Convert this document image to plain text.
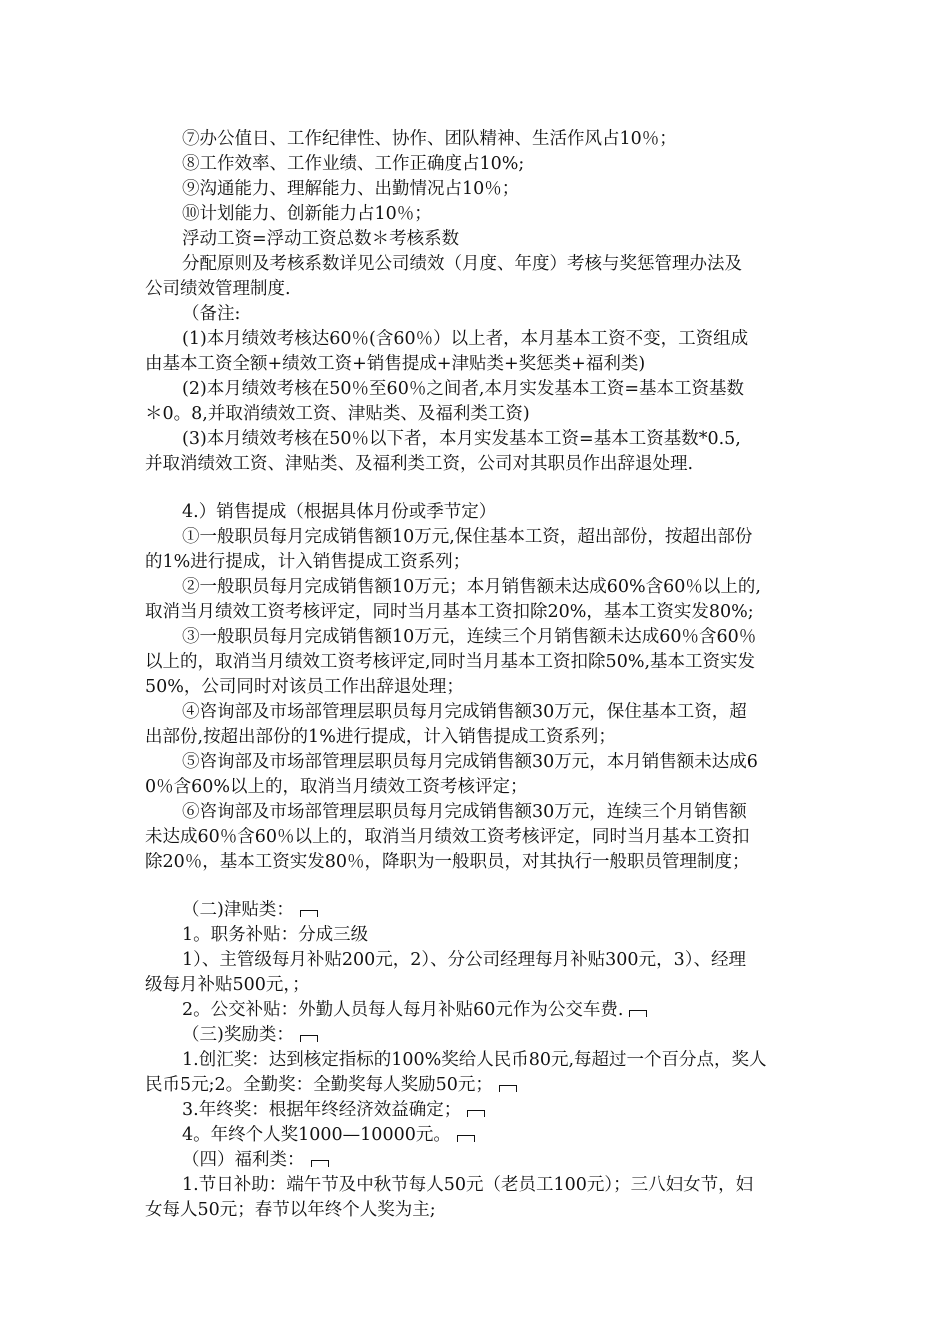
⑦办公值日、工作纪律性、协作、团队精神、生活作风占10％；
⑧工作效率、工作业绩、工作正确度占10%;
⑨沟通能力、理解能力、出勤情况占10％；
⑩计划能力、创新能力占10％；
浮动工资=浮动工资总数＊考核系数
分配原则及考核系数详见公司绩效（月度、年度）考核与奖惩管理办法及
公司绩效管理制度.
（备注:
(1)本月绩效考核达60％(含60％）以上者，本月基本工资不变，工资组成
由基本工资全额+绩效工资+销售提成+津贴类+奖惩类+福利类)
(2)本月绩效考核在50％至60％之间者,本月实发基本工资=基本工资基数
＊0。8,并取消绩效工资、津贴类、及福利类工资)
(3)本月绩效考核在50％以下者，本月实发基本工资=基本工资基数*0.5,
并取消绩效工资、津贴类、及福利类工资，公司对其职员作出辞退处理.
4.）销售提成（根据具体月份或季节定）
①一般职员每月完成销售额10万元,保住基本工资，超出部份，按超出部份
的1%进行提成，计入销售提成工资系列；
②一般职员每月完成销售额10万元；本月销售额未达成60%含60％以上的,
取消当月绩效工资考核评定，同时当月基本工资扣除20%，基本工资实发80%;
③一般职员每月完成销售额10万元，连续三个月销售额未达成60％含60％
以上的，取消当月绩效工资考核评定,同时当月基本工资扣除50%,基本工资实发
50%，公司同时对该员工作出辞退处理；
④咨询部及市场部管理层职员每月完成销售额30万元，保住基本工资，超
出部份,按超出部份的1%进行提成，计入销售提成工资系列；
⑤咨询部及市场部管理层职员每月完成销售额30万元，本月销售额未达成6
0％含60%以上的，取消当月绩效工资考核评定；
⑥咨询部及市场部管理层职员每月完成销售额30万元，连续三个月销售额
未达成60％含60％以上的，取消当月绩效工资考核评定，同时当月基本工资扣
除20％，基本工资实发80％，降职为一般职员，对其执行一般职员管理制度；
（二)津贴类：
1。职务补贴：分成三级
1）、主管级每月补贴200元，2）、分公司经理每月补贴300元，3）、经理
级每月补贴500元，；
2。公交补贴：外勤人员每人每月补贴60元作为公交车费.
（三)奖励类：
1.创汇奖：达到核定指标的100%奖给人民币80元,每超过一个百分点，奖人
民币5元;2。全勤奖：全勤奖每人奖励50元；
3.年终奖：根据年终经济效益确定；
4。年终个人奖1000—10000元。
（四）福利类：
1.节日补助：端午节及中秋节每人50元（老员工100元）；三八妇女节，妇
女每人50元；春节以年终个人奖为主;
